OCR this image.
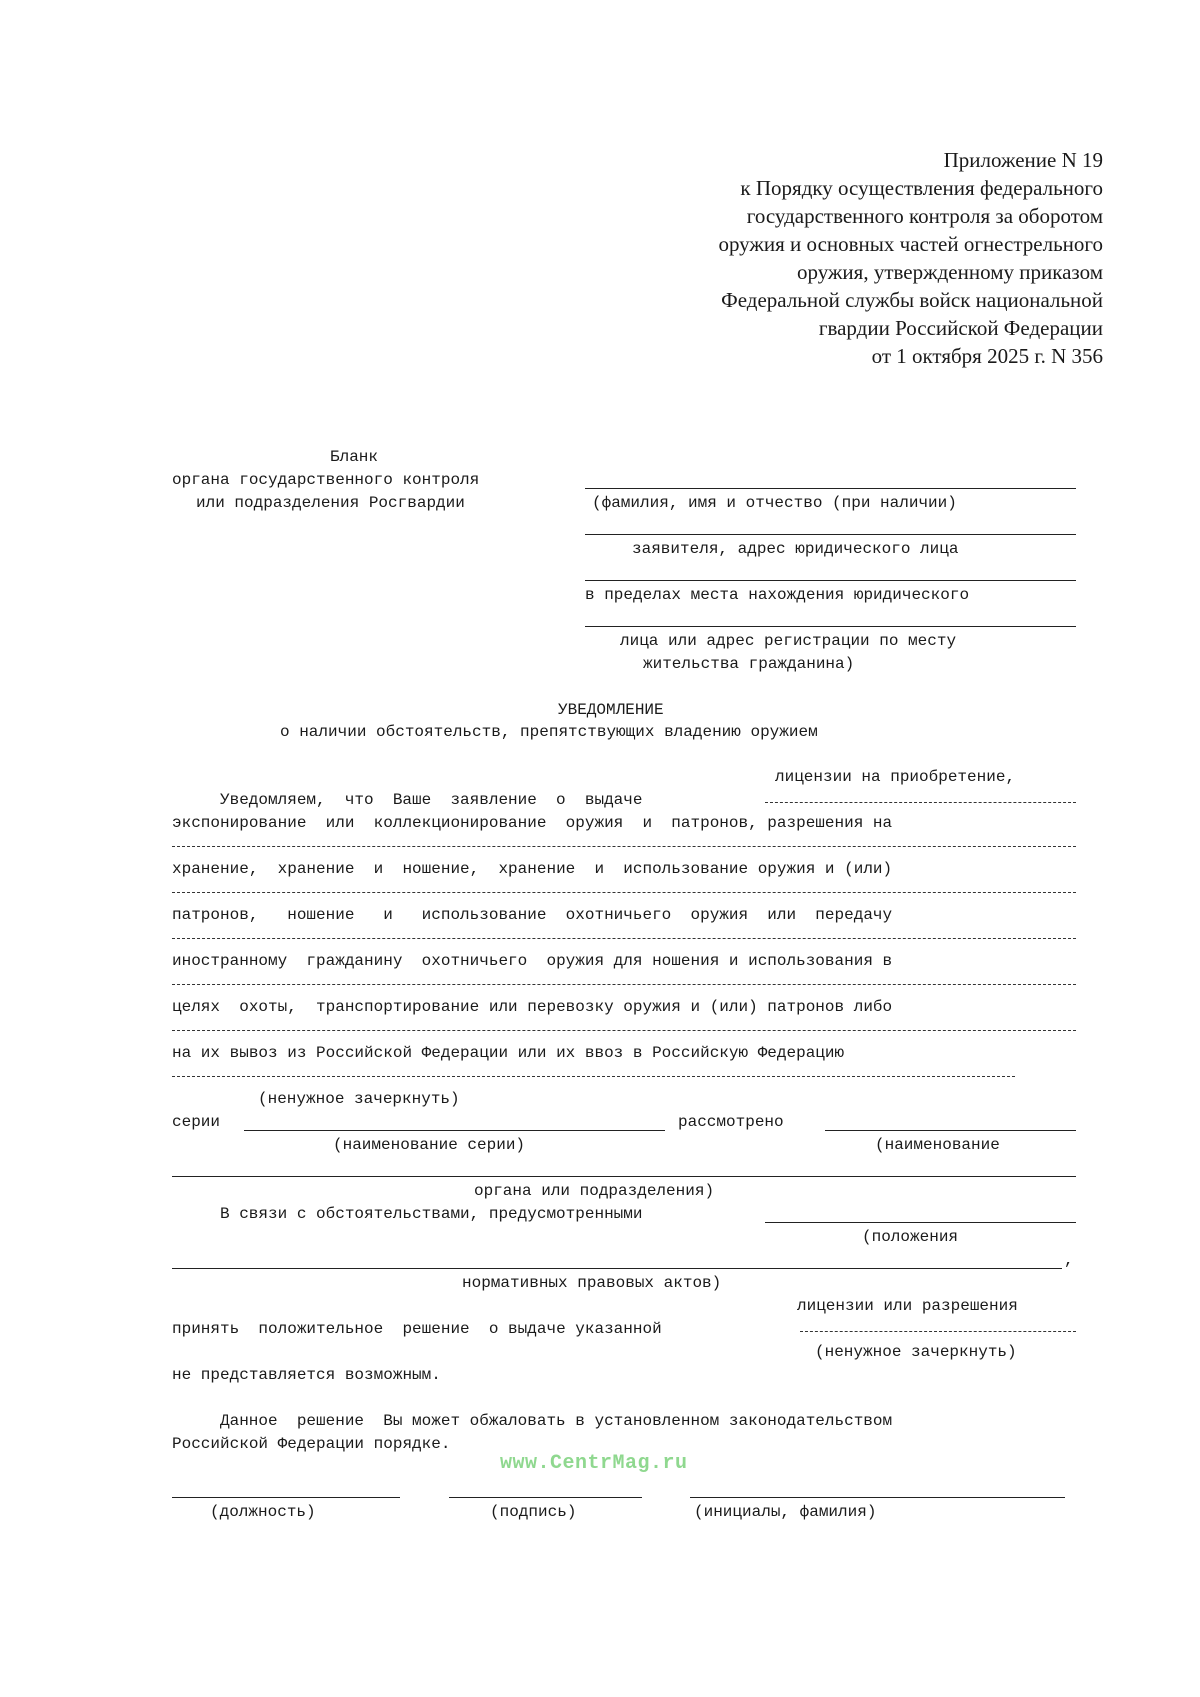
Приложение N 19
к Порядку осуществления федерального
государственного контроля за оборотом
оружия и основных частей огнестрельного
оружия, утвержденному приказом
Федеральной службы войск национальной
гвардии Российской Федерации
от 1 октября 2025 г. N 356
Бланк
органа государственного контроля
или подразделения Росгвардии	(фамилия, имя и отчество (при наличии)
заявителя, адрес юридического лица
в пределах места нахождения юридического
лица или адрес регистрации по месту
жительства гражданина)
УВЕДОМЛЕНИЕ
о наличии обстоятельств, препятствующих владению оружием
лицензии на приобретение,
Уведомляем,  что  Ваше  заявление  о  выдаче
экспонирование  или  коллекционирование  оружия  и  патронов, разрешения на
хранение,  хранение  и  ношение,  хранение  и  использование оружия и (или)
патронов,   ношение   и   использование  охотничьего  оружия  или  передачу
иностранному  гражданину  охотничьего  оружия для ношения и использования в
целях  охоты,  транспортирование или перевозку оружия и (или) патронов либо
на их вывоз из Российской Федерации или их ввоз в Российскую Федерацию
(ненужное зачеркнуть)
серии	рассмотрено
(наименование серии)	(наименование
органа или подразделения)
В связи с обстоятельствами, предусмотренными
(положения
,
нормативных правовых актов)
лицензии или разрешения
принять  положительное  решение  о выдаче указанной
(ненужное зачеркнуть)
не представляется возможным.
Данное  решение  Вы может обжаловать в установленном законодательством
Российской Федерации порядке.
www.CentrMag.ru
(должность)	(подпись)	(инициалы, фамилия)
